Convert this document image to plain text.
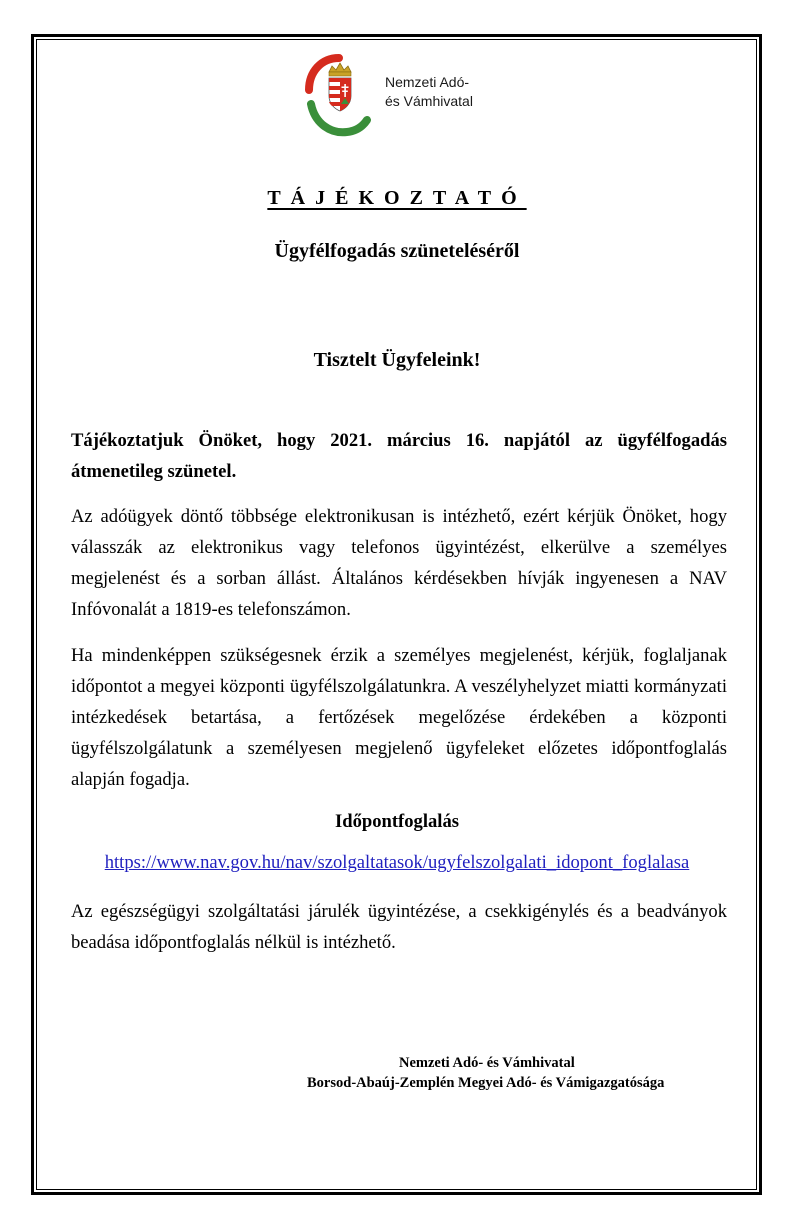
Nemzeti Adó-
és Vámhivatal
TÁJÉKOZTATÓ
Ügyfélfogadás szüneteléséről
Tisztelt Ügyfeleink!
Tájékoztatjuk Önöket, hogy 2021. március 16. napjától az ügyfélfogadás átmenetileg szünetel.
Az adóügyek döntő többsége elektronikusan is intézhető, ezért kérjük Önöket, hogy válasszák az elektronikus vagy telefonos ügyintézést, elkerülve a személyes megjelenést és a sorban állást. Általános kérdésekben hívják ingyenesen a NAV Infóvonalát a 1819-es telefonszámon.
Ha mindenképpen szükségesnek érzik a személyes megjelenést, kérjük, foglaljanak időpontot a megyei központi ügyfélszolgálatunkra. A veszélyhelyzet miatti kormányzati intézkedések betartása, a fertőzések megelőzése érdekében a központi ügyfélszolgálatunk a személyesen megjelenő ügyfeleket előzetes időpontfoglalás alapján fogadja.
Időpontfoglalás
https://www.nav.gov.hu/nav/szolgaltatasok/ugyfelszolgalati_idopont_foglalasa
Az egészségügyi szolgáltatási járulék ügyintézése, a csekkigénylés és a beadványok beadása időpontfoglalás nélkül is intézhető.
Nemzeti Adó- és Vámhivatal
Borsod-Abaúj-Zemplén Megyei Adó- és Vámigazgatósága
